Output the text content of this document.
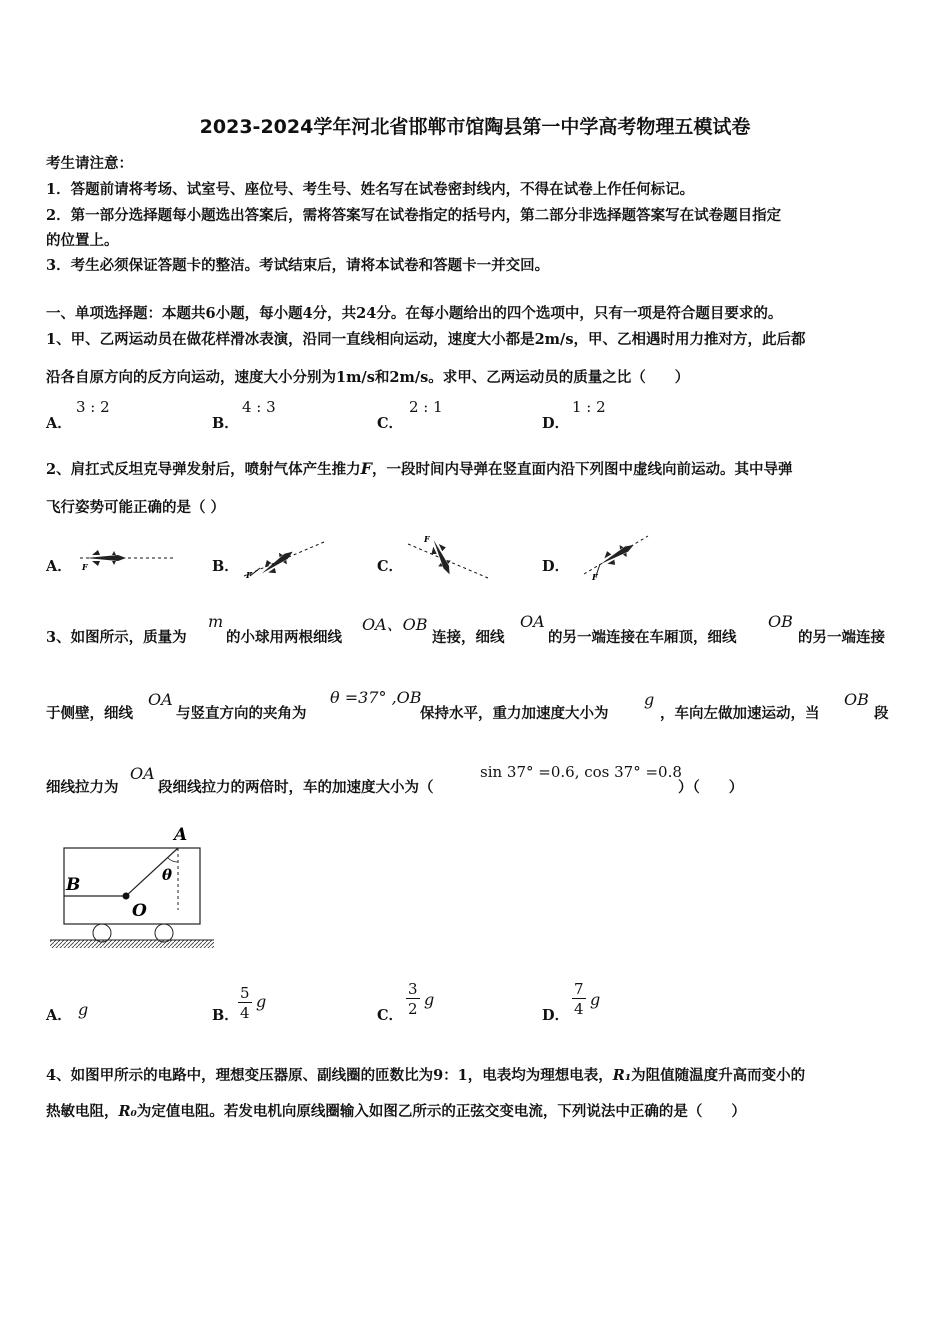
2023-2024学年河北省邯郸市馆陶县第一中学高考物理五模试卷
考生请注意：
1．答题前请将考场、试室号、座位号、考生号、姓名写在试卷密封线内，不得在试卷上作任何标记。
2．第一部分选择题每小题选出答案后，需将答案写在试卷指定的括号内，第二部分非选择题答案写在试卷题目指定
的位置上。
3．考生必须保证答题卡的整洁。考试结束后，请将本试卷和答题卡一并交回。
一、单项选择题：本题共6小题，每小题4分，共24分。在每小题给出的四个选项中，只有一项是符合题目要求的。
1、甲、乙两运动员在做花样滑冰表演，沿同一直线相向运动，速度大小都是2m/s，甲、乙相遇时用力推对方，此后都
沿各自原方向的反方向运动，速度大小分别为1m/s和2m/s。求甲、乙两运动员的质量之比（　　）
A．
3 : 2
B．
4 : 3
C．
2 : 1
D．
1 : 2
2、肩扛式反坦克导弹发射后，喷射气体产生推力F，一段时间内导弹在竖直面内沿下列图中虚线向前运动。其中导弹
飞行姿势可能正确的是（ ）
A．	B．	C．	D．
F
F
F
F
3、如图所示，质量为
m
的小球用两根细线
OA、OB
连接，细线
OA
的另一端连接在车厢顶，细线
OB
的另一端连接
于侧壁，细线
OA
与竖直方向的夹角为
θ =37° ,OB
保持水平，重力加速度大小为
g
，车向左做加速运动，当
OB
段
细线拉力为
OA
段细线拉力的两倍时，车的加速度大小为（
sin 37° =0.6, cos 37° =0.8
）（　　）
A
B
O
θ
A． g	B． $\frac{5}{4}$ g
C． $\frac{3}{2}$ g
D． $\frac{7}{4}$ g
4、如图甲所示的电路中，理想变压器原、副线圈的匝数比为9：1，电表均为理想电表，R₁为阻值随温度升高而变小的
热敏电阻，R₀为定值电阻。若发电机向原线圈输入如图乙所示的正弦交变电流，下列说法中正确的是（　　）
